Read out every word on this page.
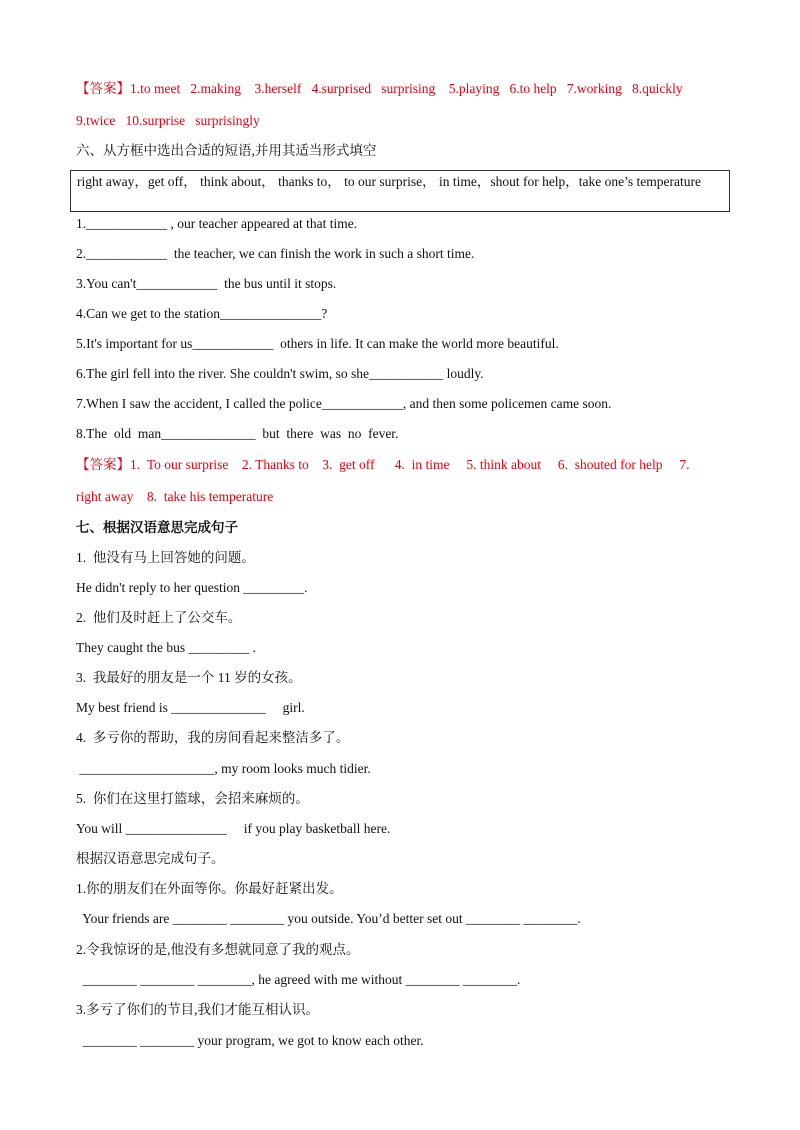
【答案】1.to meet   2.making    3.herself   4.surprised   surprising    5.playing   6.to help   7.working   8.quickly
9.twice   10.surprise   surprisingly
六、从方框中选出合适的短语,并用其适当形式填空
right away，get off， think about， thanks to， to our surprise， in time，shout for help，take one’s temperature
1.____________ , our teacher appeared at that time.
2.____________  the teacher, we can finish the work in such a short time.
3.You can't____________  the bus until it stops.
4.Can we get to the station_______________?
5.It's important for us____________  others in life. It can make the world more beautiful.
6.The girl fell into the river. She couldn't swim, so she___________ loudly.
7.When I saw the accident, I called the police____________, and then some policemen came soon.
8.The  old  man______________  but  there  was  no  fever.
【答案】1.  To our surprise    2. Thanks to    3.  get off      4.  in time     5. think about     6.  shouted for help     7.
right away    8.  take his temperature
七、根据汉语意思完成句子
1.  他没有马上回答她的问题。
He didn't reply to her question _________.
2.  他们及时赶上了公交车。
They caught the bus _________ .
3.  我最好的朋友是一个 11 岁的女孩。
My best friend is ______________     girl.
4.  多亏你的帮助，我的房间看起来整洁多了。
____________________, my room looks much tidier.
5.  你们在这里打篮球，会招来麻烦的。
You will _______________     if you play basketball here.
根据汉语意思完成句子。
1.你的朋友们在外面等你。你最好赶紧出发。
Your friends are ________ ________ you outside. You’d better set out ________ ________.
2.令我惊讶的是,他没有多想就同意了我的观点。
________ ________ ________, he agreed with me without ________ ________.
3.多亏了你们的节目,我们才能互相认识。
________ ________ your program, we got to know each other.
